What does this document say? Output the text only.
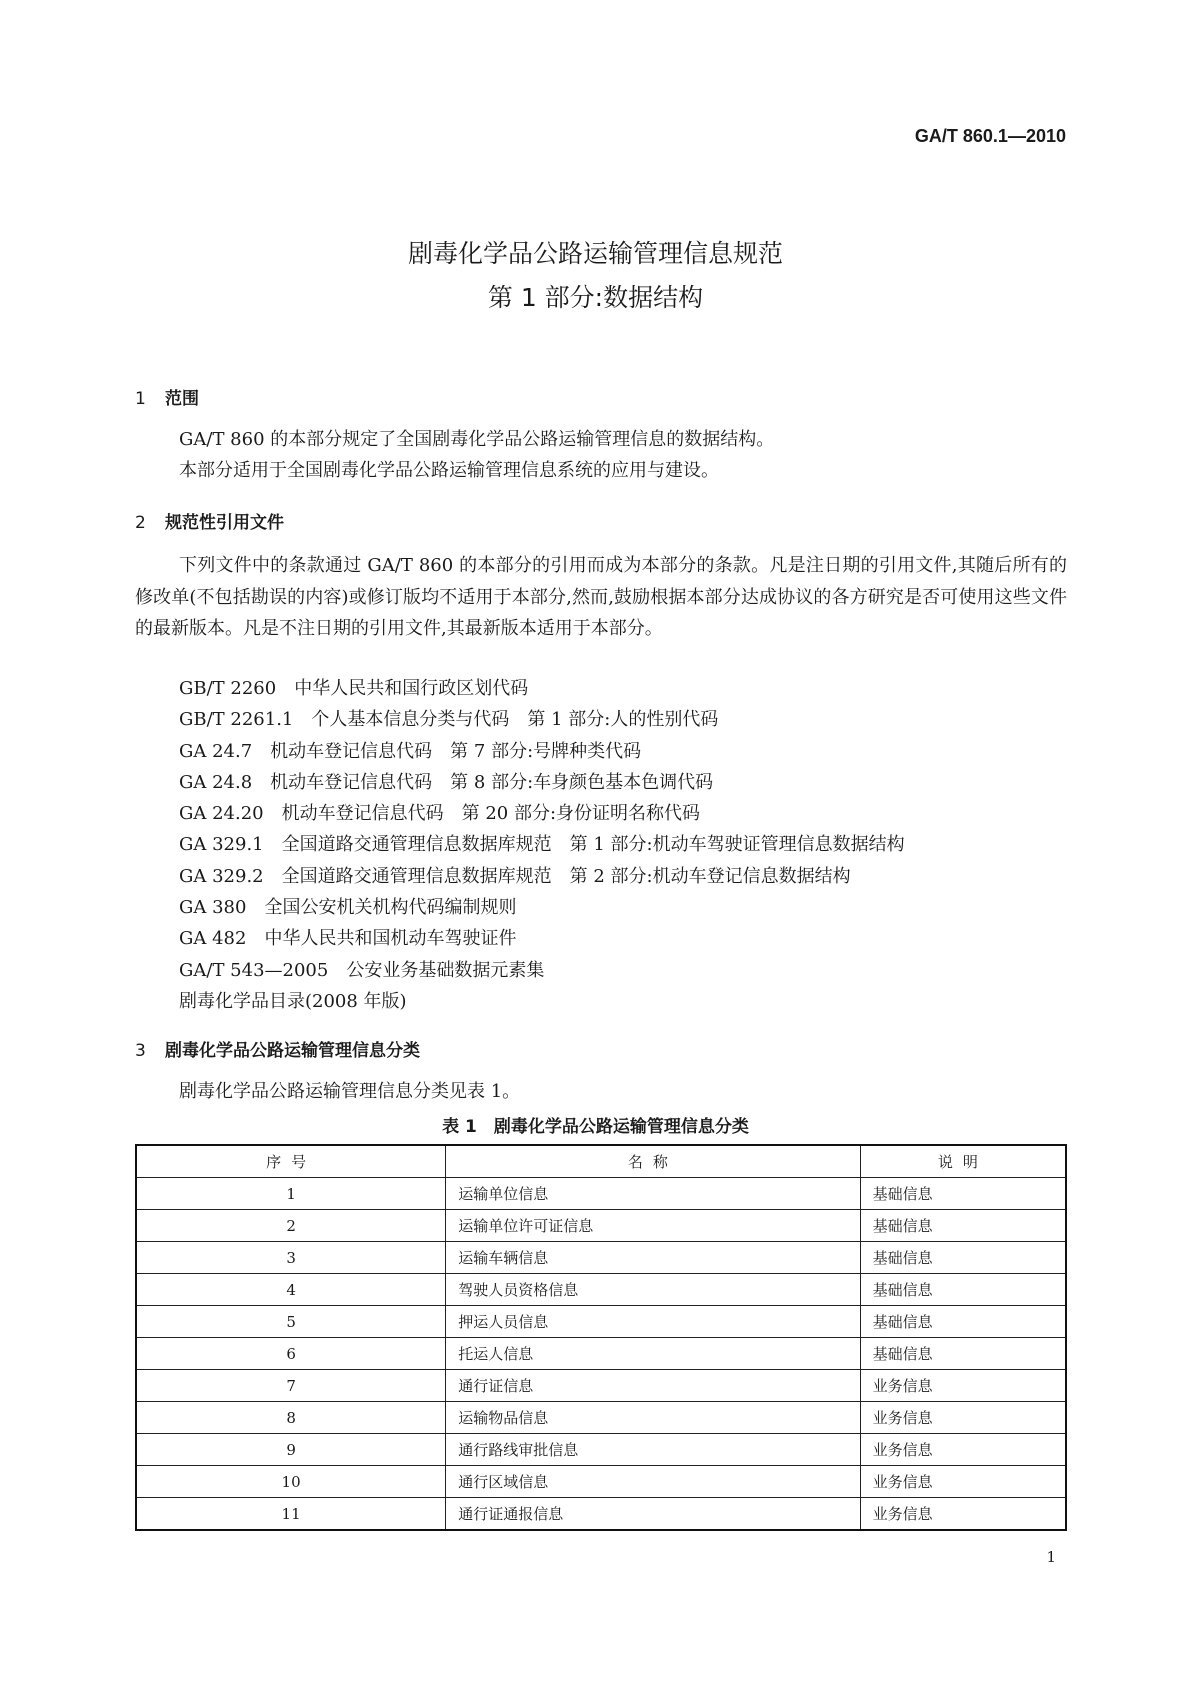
GA/T 860.1—2010
剧毒化学品公路运输管理信息规范
第 1 部分:数据结构
1 范围
GA/T 860 的本部分规定了全国剧毒化学品公路运输管理信息的数据结构。
本部分适用于全国剧毒化学品公路运输管理信息系统的应用与建设。
2 规范性引用文件
下列文件中的条款通过 GA/T 860 的本部分的引用而成为本部分的条款。凡是注日期的引用文件,其随后所有的修改单(不包括勘误的内容)或修订版均不适用于本部分,然而,鼓励根据本部分达成协议的各方研究是否可使用这些文件的最新版本。凡是不注日期的引用文件,其最新版本适用于本部分。
GB/T 2260　中华人民共和国行政区划代码
GB/T 2261.1　个人基本信息分类与代码　第 1 部分:人的性别代码
GA 24.7　机动车登记信息代码　第 7 部分:号牌种类代码
GA 24.8　机动车登记信息代码　第 8 部分:车身颜色基本色调代码
GA 24.20　机动车登记信息代码　第 20 部分:身份证明名称代码
GA 329.1　全国道路交通管理信息数据库规范　第 1 部分:机动车驾驶证管理信息数据结构
GA 329.2　全国道路交通管理信息数据库规范　第 2 部分:机动车登记信息数据结构
GA 380　全国公安机关机构代码编制规则
GA 482　中华人民共和国机动车驾驶证件
GA/T 543—2005　公安业务基础数据元素集
剧毒化学品目录(2008 年版)
3 剧毒化学品公路运输管理信息分类
剧毒化学品公路运输管理信息分类见表 1。
表 1　剧毒化学品公路运输管理信息分类
序号	名称	说明
1	运输单位信息	基础信息
2	运输单位许可证信息	基础信息
3	运输车辆信息	基础信息
4	驾驶人员资格信息	基础信息
5	押运人员信息	基础信息
6	托运人信息	基础信息
7	通行证信息	业务信息
8	运输物品信息	业务信息
9	通行路线审批信息	业务信息
10	通行区域信息	业务信息
11	通行证通报信息	业务信息
1
